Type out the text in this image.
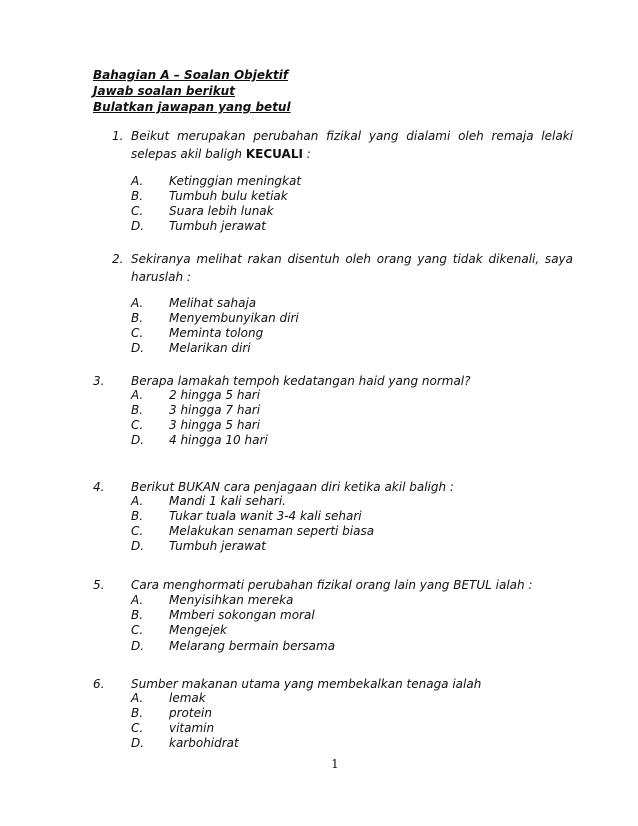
Bahagian A – Soalan Objektif
Jawab soalan berikut
Bulatkan jawapan yang betul
1. Beikut merupakan perubahan fizikal yang dialami oleh remaja lelaki selepas akil baligh KECUALI :
A. Ketinggian meningkat
B. Tumbuh bulu ketiak
C. Suara lebih lunak
D. Tumbuh jerawat
2. Sekiranya melihat rakan disentuh oleh orang yang tidak dikenali, saya haruslah :
A. Melihat sahaja
B. Menyembunyikan diri
C. Meminta tolong
D. Melarikan diri
3. Berapa lamakah tempoh kedatangan haid yang normal?
A. 2 hingga 5 hari
B. 3 hingga 7 hari
C. 3 hingga 5 hari
D. 4 hingga 10 hari
4. Berikut BUKAN cara penjagaan diri ketika akil baligh :
A. Mandi 1 kali sehari.
B. Tukar tuala wanit 3-4 kali sehari
C. Melakukan senaman seperti biasa
D. Tumbuh jerawat
5. Cara menghormati perubahan fizikal orang lain yang BETUL ialah :
A. Menyisihkan mereka
B. Mmberi sokongan moral
C. Mengejek
D. Melarang bermain bersama
6. Sumber makanan utama yang membekalkan tenaga ialah
A. lemak
B. protein
C. vitamin
D. karbohidrat
1
